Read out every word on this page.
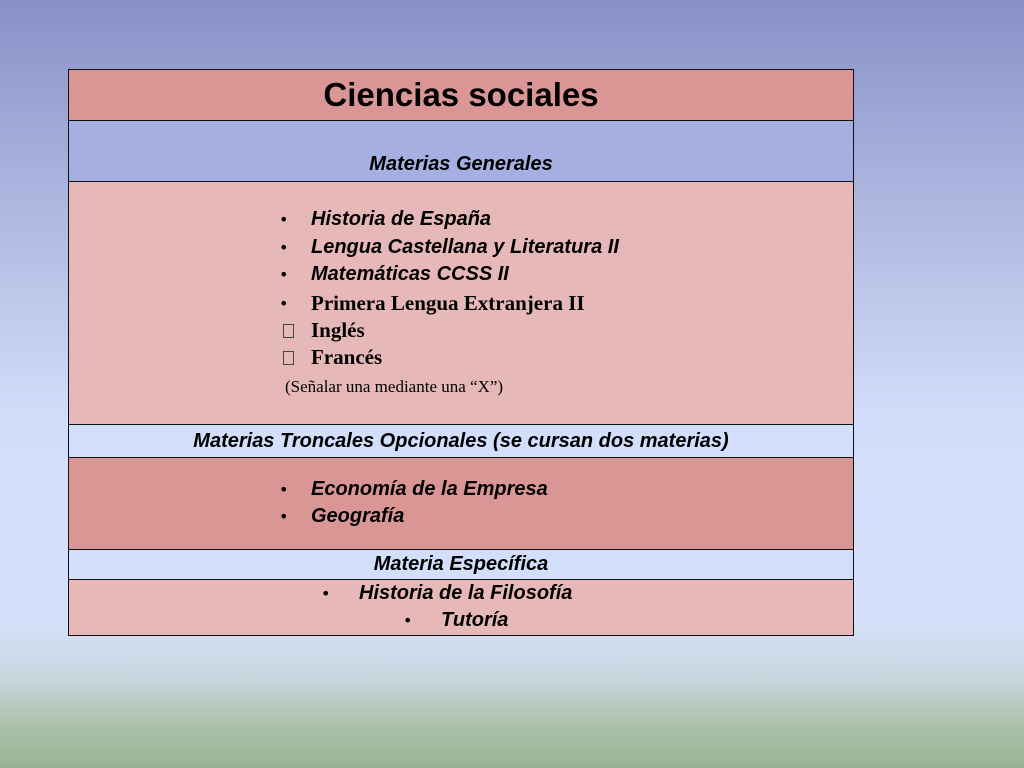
Ciencias sociales
Materias Generales
•	Historia de España
•	Lengua Castellana y Literatura II
•	Matemáticas CCSS II
•	Primera Lengua Extranjera II
Inglés
Francés
(Señalar una mediante una “X”)
Materias Troncales Opcionales (se cursan dos materias)
•	Economía de la Empresa
•	Geografía
Materia Específica
•	Historia de la Filosofía
•	Tutoría
